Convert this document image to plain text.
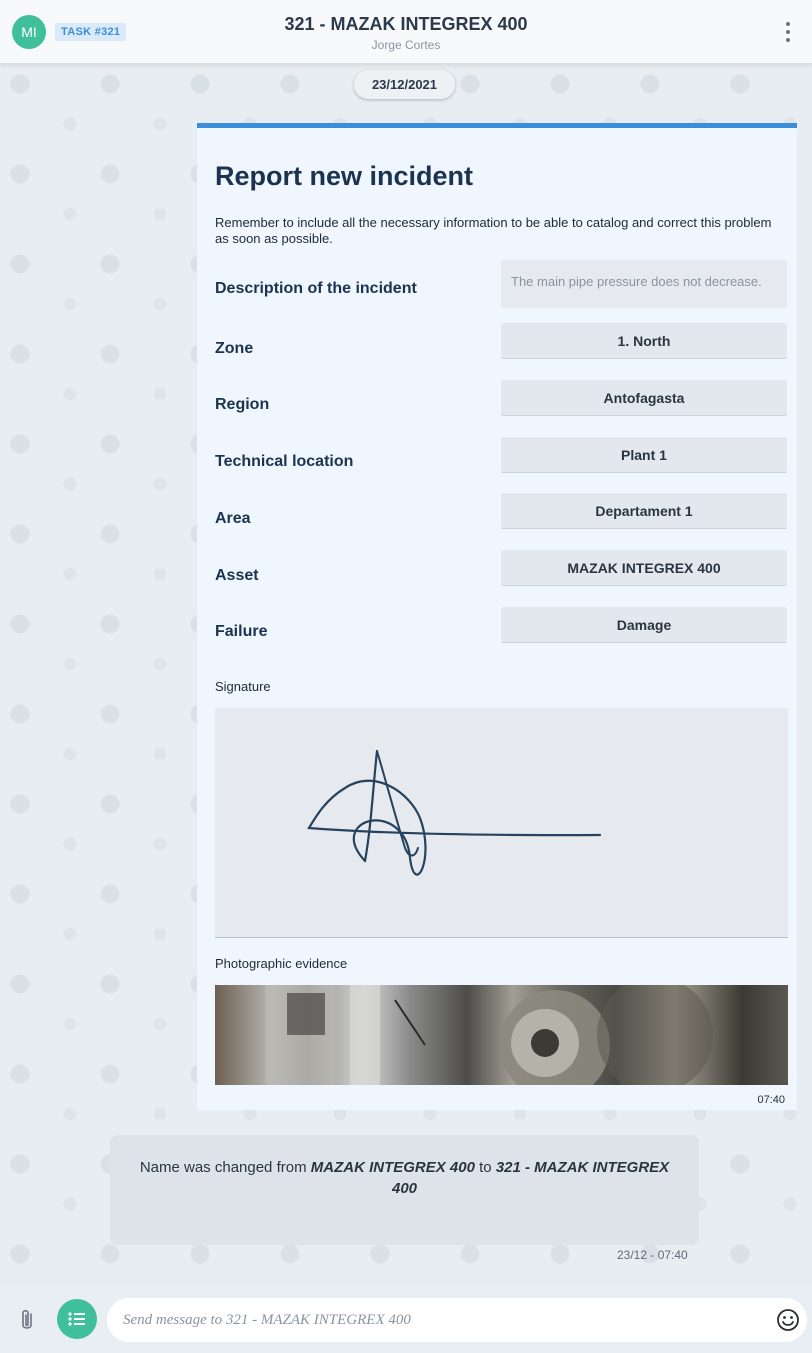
MI	TASK #321	321 - MAZAK INTEGREX 400
Jorge Cortes
23/12/2021
Report new incident
Remember to include all the necessary information to be able to catalog and correct this problem as soon as possible.
Description of the incident	The main pipe pressure does not decrease.
Zone	1. North
Region	Antofagasta
Technical location	Plant 1
Area	Departament 1
Asset	MAZAK INTEGREX 400
Failure	Damage
Signature
Photographic evidence
07:40
Name was changed from MAZAK INTEGREX 400 to 321 - MAZAK INTEGREX 400
23/12 - 07:40
Send message to 321 - MAZAK INTEGREX 400
